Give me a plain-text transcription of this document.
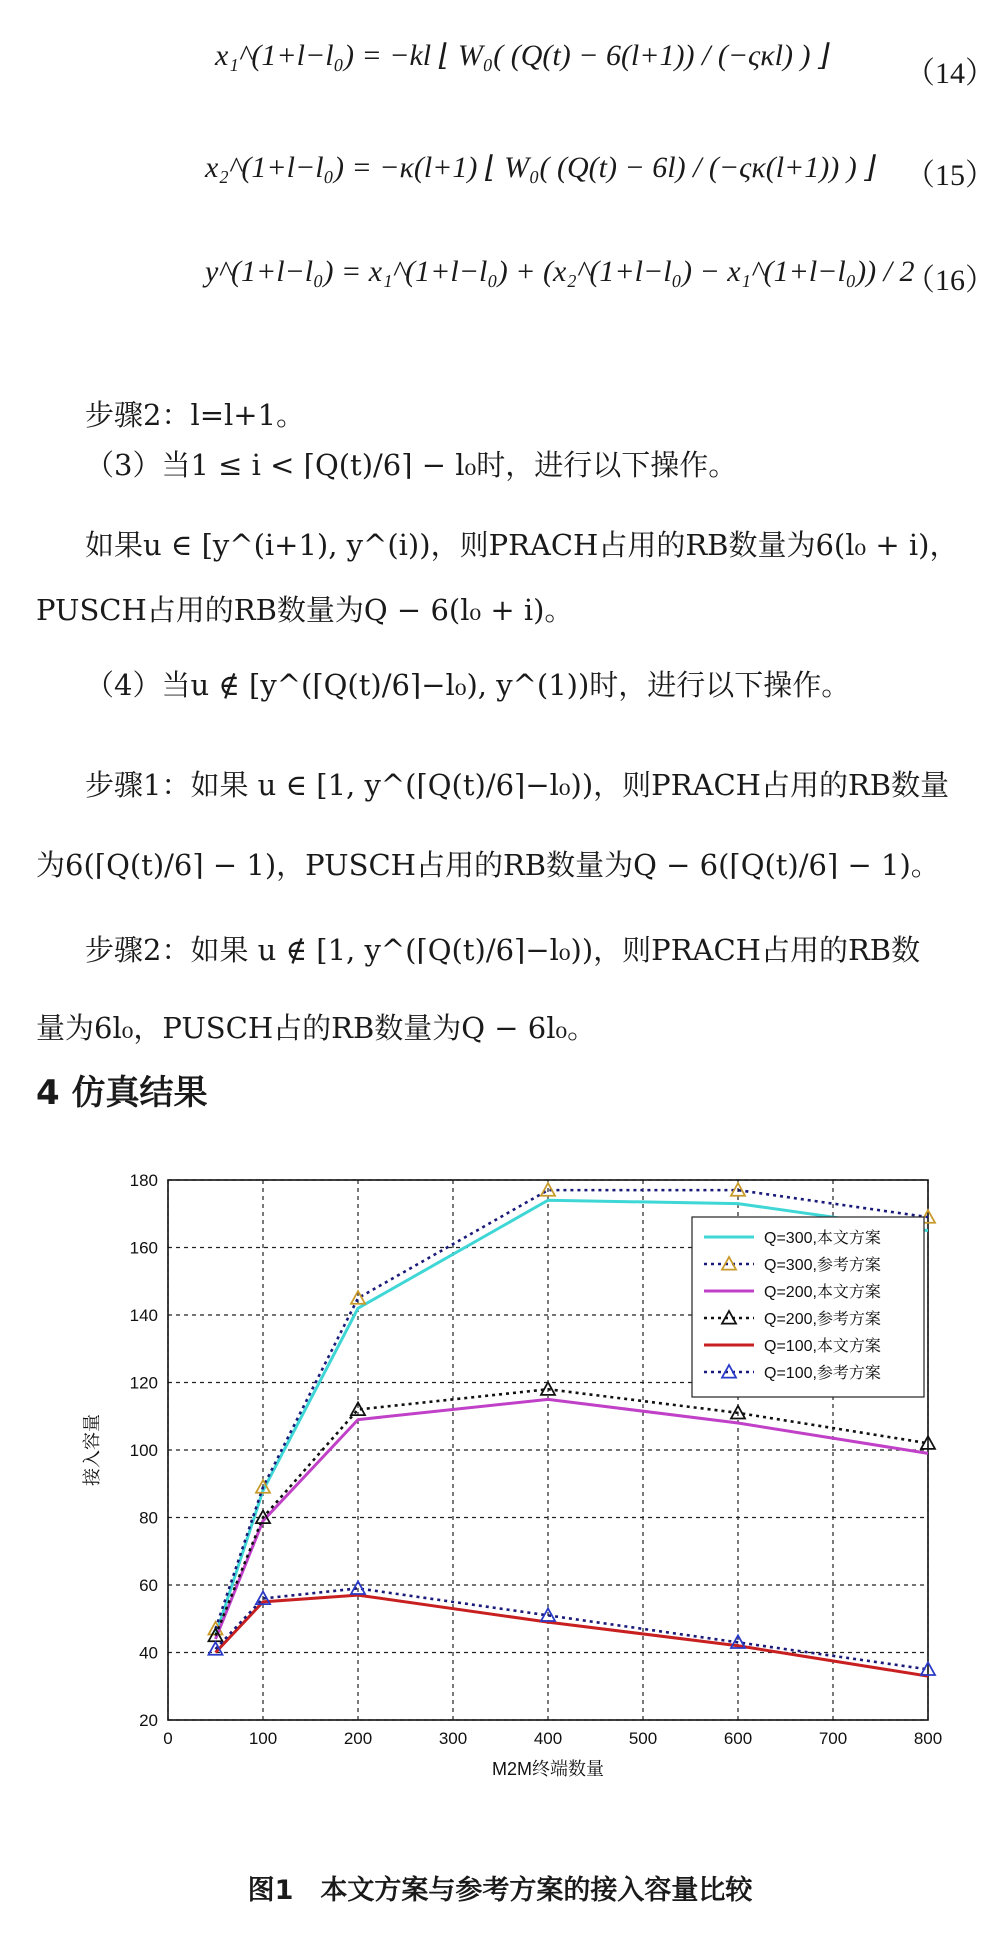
x₁^(1+l−l₀) = −kl ⌊ W₀( (Q(t) − 6(l+1)) / (−ςκl) ) ⌋
（14）
x₂^(1+l−l₀) = −κ(l+1) ⌊ W₀( (Q(t) − 6l) / (−ςκ(l+1)) ) ⌋ （15）
y^(1+l−l₀) = x₁^(1+l−l₀) + (x₂^(1+l−l₀) − x₁^(1+l−l₀)) / 2
（16）
步骤2：l=l+1。
（3）当1 ≤ i < ⌈Q(t)/6⌉ − l₀时，进行以下操作。
如果u ∈ [y^(i+1), y^(i))，则PRACH占用的RB数量为6(l₀ + i)，
PUSCH占用的RB数量为Q − 6(l₀ + i)。
（4）当u ∉ [y^(⌈Q(t)/6⌉−l₀), y^(1))时，进行以下操作。
步骤1：如果 u ∈ [1, y^(⌈Q(t)/6⌉−l₀))，则PRACH占用的RB数量
为6(⌈Q(t)/6⌉ − 1)，PUSCH占用的RB数量为Q − 6(⌈Q(t)/6⌉ − 1)。
步骤2：如果 u ∉ [1, y^(⌈Q(t)/6⌉−l₀))，则PRACH占用的RB数
量为6l₀，PUSCH占的RB数量为Q − 6l₀。
4 仿真结果
0	100	200	300	400	500	600	700	800
20
40
60
80
100
120
140
160
180
M2M终端数量
接入容量
Q=300,本文方案
Q=300,参考方案
Q=200,本文方案
Q=200,参考方案
Q=100,本文方案
Q=100,参考方案
图1　本文方案与参考方案的接入容量比较
